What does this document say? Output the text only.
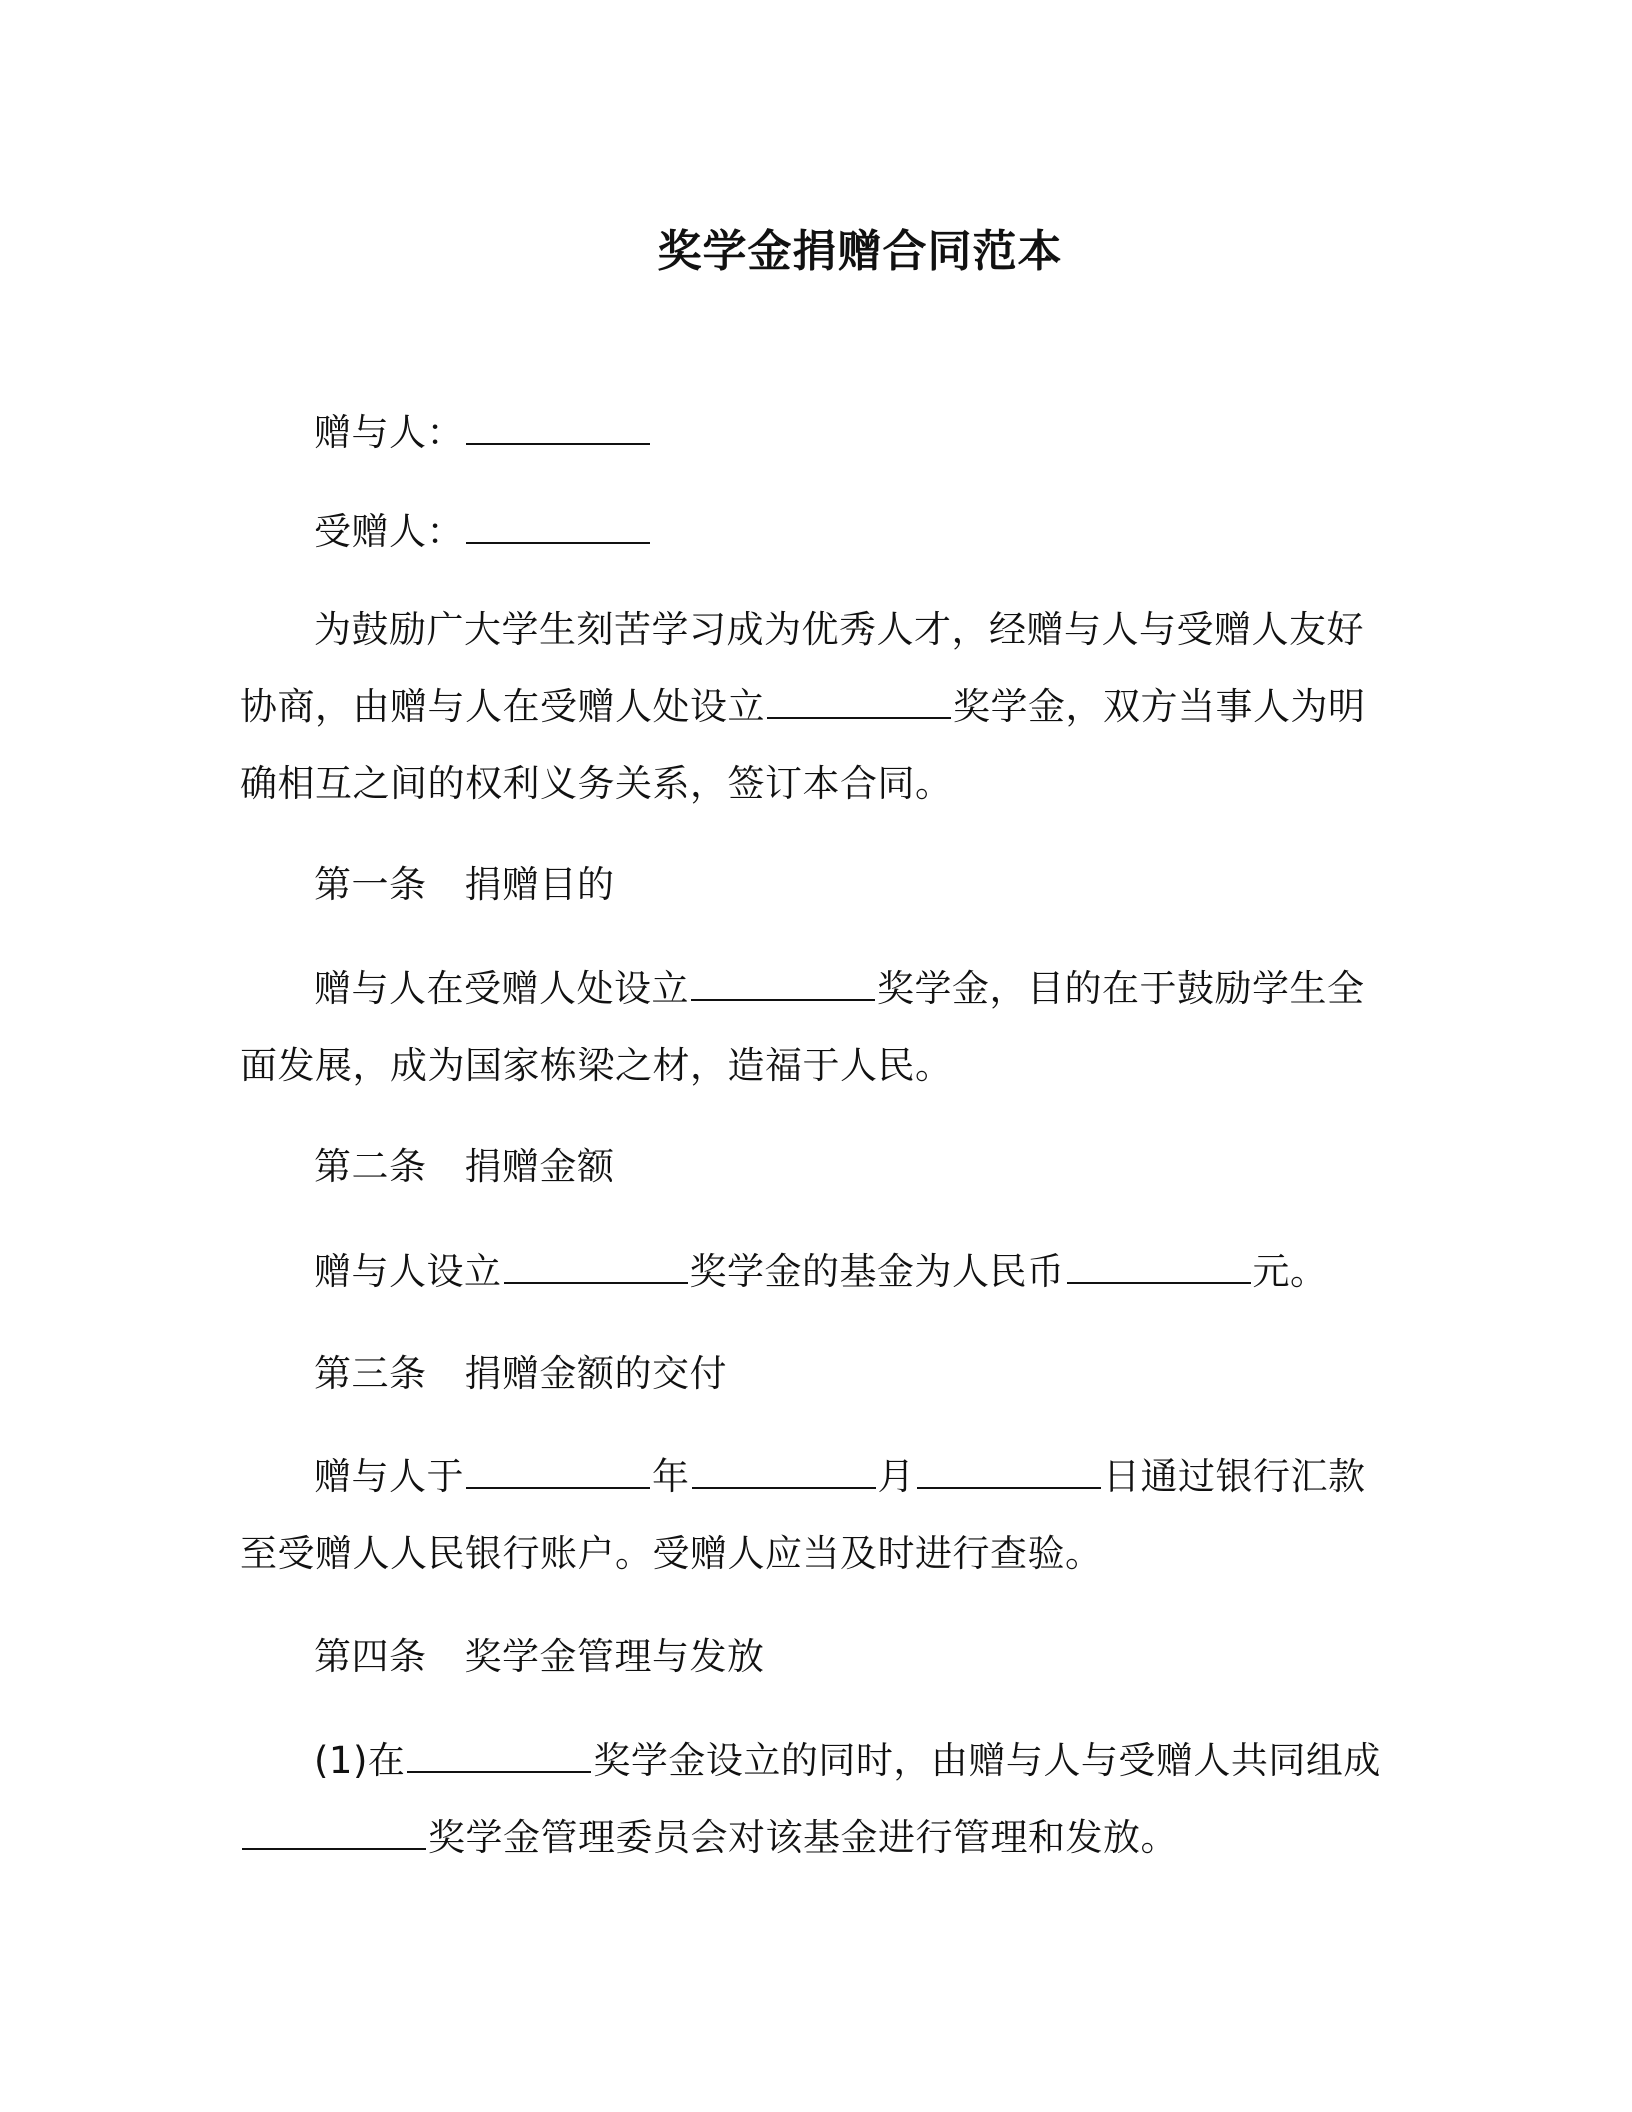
奖学金捐赠合同范本
赠与人：
受赠人：
为鼓励广大学生刻苦学习成为优秀人才，经赠与人与受赠人友好
协商，由赠与人在受赠人处设立	奖学金，双方当事人为明
确相互之间的权利义务关系，签订本合同。
第一条 捐赠目的
赠与人在受赠人处设立	奖学金，目的在于鼓励学生全
面发展，成为国家栋梁之材，造福于人民。
第二条 捐赠金额
赠与人设立	奖学金的基金为人民币	元。
第三条 捐赠金额的交付
赠与人于	年	月	日通过银行汇款
至受赠人人民银行账户。受赠人应当及时进行查验。
第四条 奖学金管理与发放
(1)在	奖学金设立的同时，由赠与人与受赠人共同组成
奖学金管理委员会对该基金进行管理和发放。
